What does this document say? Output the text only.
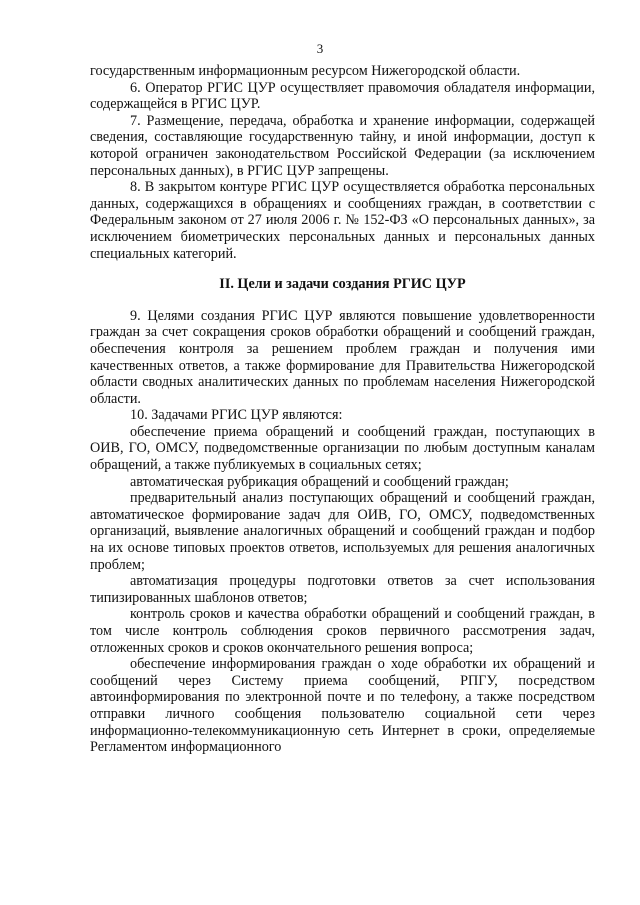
3

государственным информационным ресурсом Нижегородской области.

6. Оператор РГИС ЦУР осуществляет правомочия обладателя информации, содержащейся в РГИС ЦУР.

7. Размещение, передача, обработка и хранение информации, содержащей сведения, составляющие государственную тайну, и иной информации, доступ к которой ограничен законодательством Российской Федерации (за исключением персональных данных), в РГИС ЦУР запрещены.

8. В закрытом контуре РГИС ЦУР осуществляется обработка персональных данных, содержащихся в обращениях и сообщениях граждан, в соответствии с Федеральным законом от 27 июля 2006 г. № 152-ФЗ «О персональных данных», за исключением биометрических персональных данных и персональных данных специальных категорий.

II. Цели и задачи создания РГИС ЦУР

9. Целями создания РГИС ЦУР являются повышение удовлетворенности граждан за счет сокращения сроков обработки обращений и сообщений граждан, обеспечения контроля за решением проблем граждан и получения ими качественных ответов, а также формирование для Правительства Нижегородской области сводных аналитических данных по проблемам населения Нижегородской области.

10. Задачами РГИС ЦУР являются:

обеспечение приема обращений и сообщений граждан, поступающих в ОИВ, ГО, ОМСУ, подведомственные организации по любым доступным каналам обращений, а также публикуемых в социальных сетях;

автоматическая рубрикация обращений и сообщений граждан;

предварительный анализ поступающих обращений и сообщений граждан, автоматическое формирование задач для ОИВ, ГО, ОМСУ, подведомственных организаций, выявление аналогичных обращений и сообщений граждан и подбор на их основе типовых проектов ответов, используемых для решения аналогичных проблем;

автоматизация процедуры подготовки ответов за счет использования типизированных шаблонов ответов;

контроль сроков и качества обработки обращений и сообщений граждан, в том числе контроль соблюдения сроков первичного рассмотрения задач, отложенных сроков и сроков окончательного решения вопроса;

обеспечение информирования граждан о ходе обработки их обращений и сообщений через Систему приема сообщений, РПГУ, посредством автоинформирования по электронной почте и по телефону, а также посредством отправки личного сообщения пользователю социальной сети через информационно-телекоммуникационную сеть Интернет в сроки, определяемые Регламентом информационного
